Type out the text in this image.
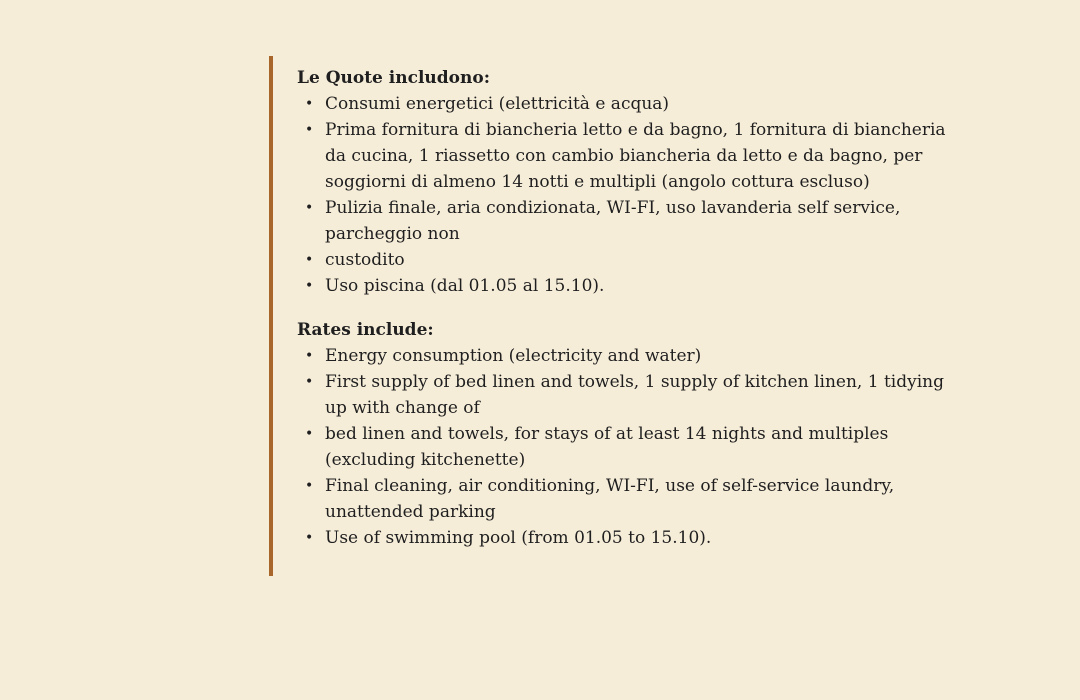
Le Quote includono:
• Consumi energetici (elettricità e acqua)
• Prima fornitura di biancheria letto e da bagno, 1 fornitura di biancheria da cucina, 1 riassetto con cambio biancheria da letto e da bagno, per soggiorni di almeno 14 notti e multipli (angolo cottura escluso)
• Pulizia finale, aria condizionata, WI-FI, uso lavanderia self service, parcheggio non
• custodito
• Uso piscina (dal 01.05 al 15.10).
Rates include:
• Energy consumption (electricity and water)
• First supply of bed linen and towels, 1 supply of kitchen linen, 1 tidying up with change of
• bed linen and towels, for stays of at least 14 nights and multiples (excluding kitchenette)
• Final cleaning, air conditioning, WI-FI, use of self-service laundry, unattended parking
• Use of swimming pool (from 01.05 to 15.10).
